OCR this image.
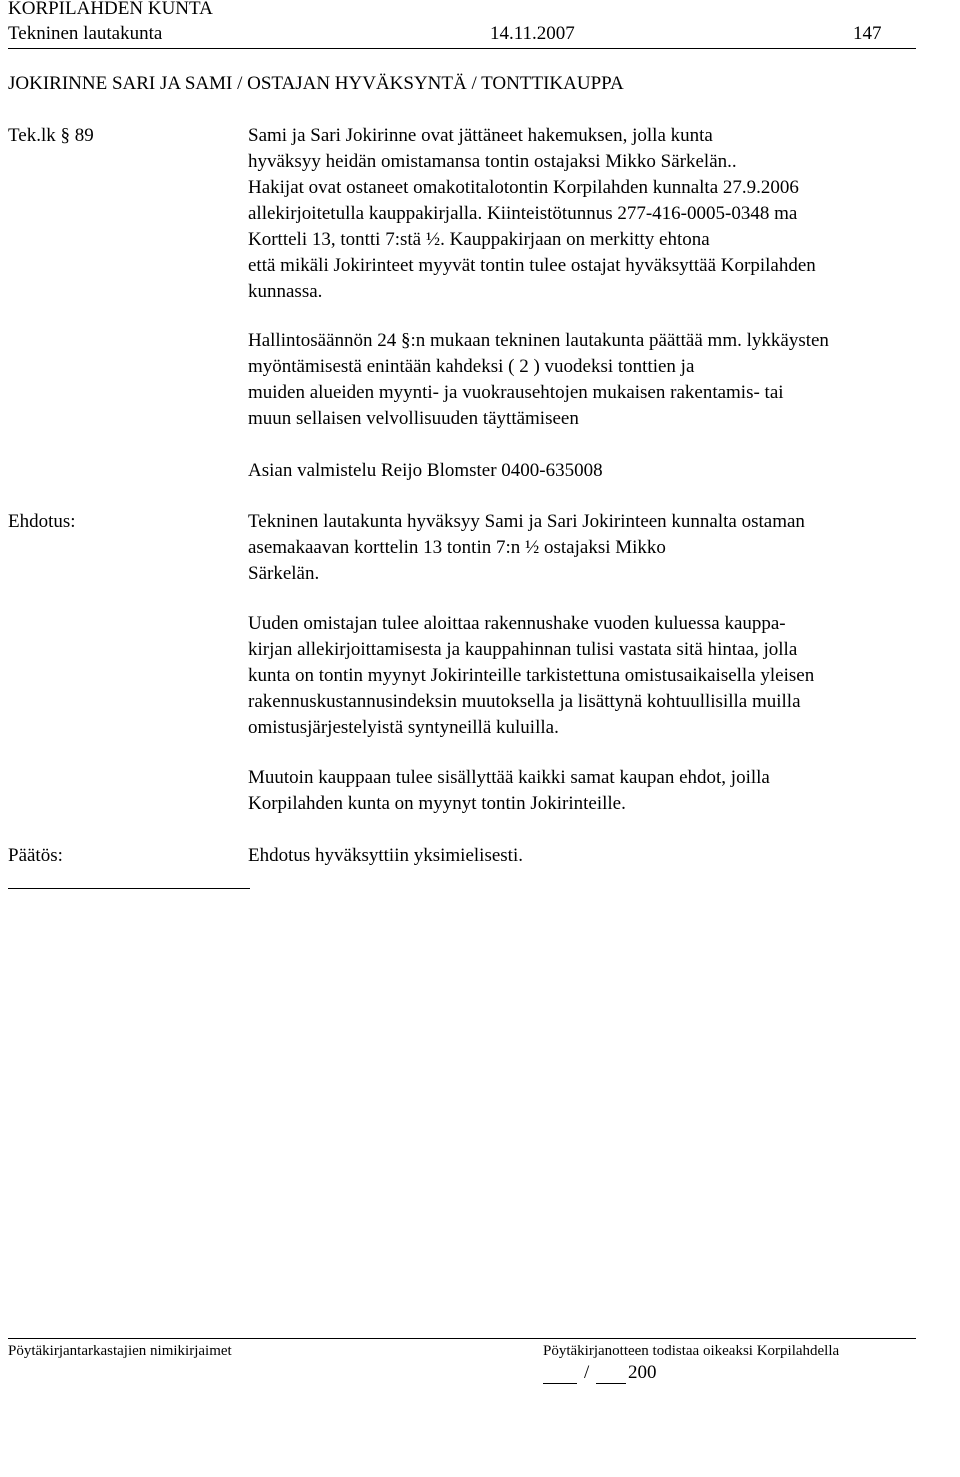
KORPILAHDEN KUNTA
Tekninen lautakunta	14.11.2007	147
JOKIRINNE SARI JA SAMI / OSTAJAN HYVÄKSYNTÄ / TONTTIKAUPPA
Tek.lk § 89	Sami ja Sari Jokirinne ovat jättäneet hakemuksen, jolla kunta
hyväksyy heidän omistamansa tontin ostajaksi Mikko Särkelän..
Hakijat ovat ostaneet omakotitalotontin Korpilahden kunnalta 27.9.2006
allekirjoitetulla kauppakirjalla. Kiinteistötunnus 277-416-0005-0348 ma
Kortteli 13, tontti 7:stä ½. Kauppakirjaan on merkitty ehtona
että mikäli Jokirinteet myyvät tontin tulee ostajat hyväksyttää Korpilahden
kunnassa.
Hallintosäännön 24 §:n mukaan tekninen lautakunta päättää mm. lykkäysten
myöntämisestä enintään kahdeksi ( 2 ) vuodeksi tonttien ja
muiden alueiden myynti- ja vuokrausehtojen mukaisen rakentamis- tai
muun sellaisen velvollisuuden täyttämiseen
Asian valmistelu Reijo Blomster 0400-635008
Ehdotus:	Tekninen lautakunta hyväksyy Sami ja Sari Jokirinteen kunnalta ostaman
asemakaavan korttelin 13 tontin 7:n ½ ostajaksi Mikko
Särkelän.
Uuden omistajan tulee aloittaa rakennushake vuoden kuluessa kauppa-
kirjan allekirjoittamisesta ja kauppahinnan tulisi vastata sitä hintaa, jolla
kunta on tontin myynyt Jokirinteille tarkistettuna omistusaikaisella yleisen
rakennuskustannusindeksin muutoksella ja lisättynä kohtuullisilla muilla
omistusjärjestelyistä syntyneillä kuluilla.
Muutoin kauppaan tulee sisällyttää kaikki samat kaupan ehdot, joilla
Korpilahden kunta on myynyt tontin Jokirinteille.
Päätös:	Ehdotus hyväksyttiin yksimielisesti.
Pöytäkirjantarkastajien nimikirjaimet	Pöytäkirjanotteen todistaa oikeaksi Korpilahdella
/ 200
